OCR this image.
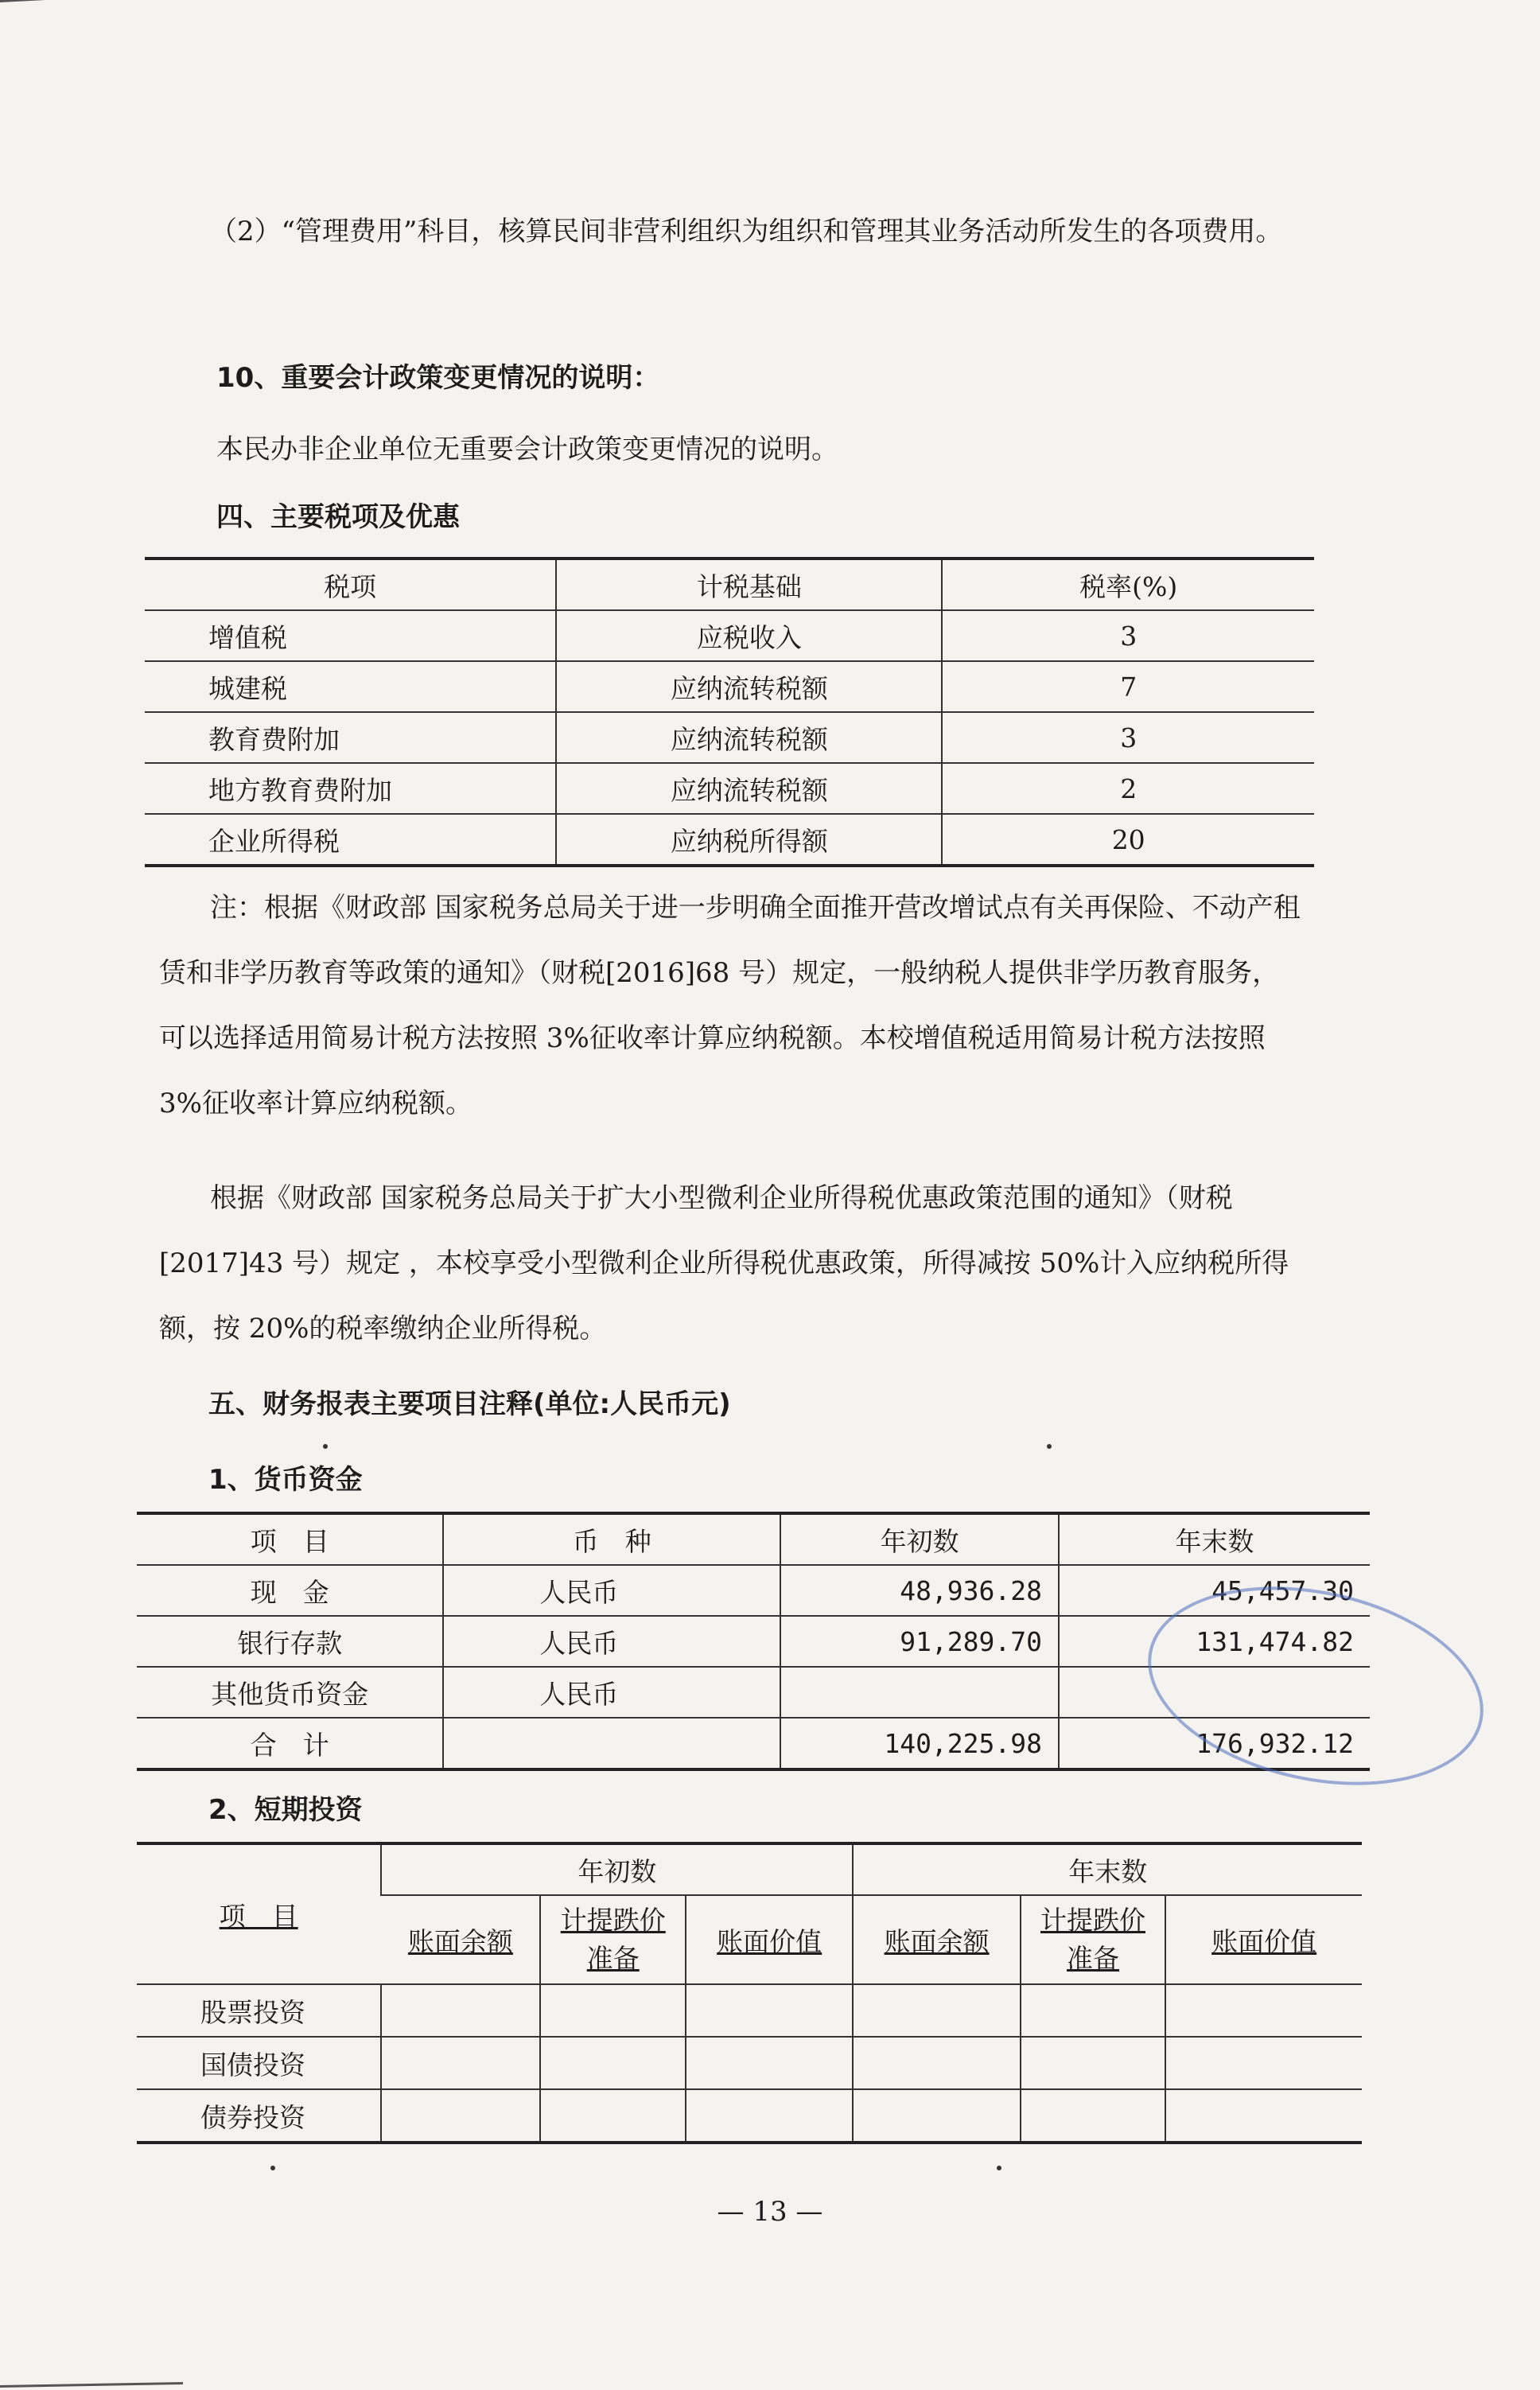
（2）“管理费用”科目，核算民间非营利组织为组织和管理其业务活动所发生的各项费用。
10、重要会计政策变更情况的说明：
本民办非企业单位无重要会计政策变更情况的说明。
四、主要税项及优惠
税项	计税基础	税率(%)
增值税	应税收入	3
城建税	应纳流转税额	7
教育费附加	应纳流转税额	3
地方教育费附加	应纳流转税额	2
企业所得税	应纳税所得额	20
注：根据《财政部 国家税务总局关于进一步明确全面推开营改增试点有关再保险、不动产租赁和非学历教育等政策的通知》（财税[2016]68 号）规定，一般纳税人提供非学历教育服务，可以选择适用简易计税方法按照 3%征收率计算应纳税额。本校增值税适用简易计税方法按照 3%征收率计算应纳税额。
根据《财政部 国家税务总局关于扩大小型微利企业所得税优惠政策范围的通知》（财税[2017]43 号）规定 ，本校享受小型微利企业所得税优惠政策，所得减按 50%计入应纳税所得额，按 20%的税率缴纳企业所得税。
五、财务报表主要项目注释(单位:人民币元)
1、货币资金
项　目	币　种	年初数	年末数
现　金	人民币	48,936.28	45,457.30
银行存款	人民币	91,289.70	131,474.82
其他货币资金	人民币		
合　计		140,225.98	176,932.12
2、短期投资
项　目	年初数			年末数		
	账面余额	计提跌价准备	账面价值	账面余额	计提跌价准备	账面价值
股票投资						
国债投资						
债券投资						
— 13 —
